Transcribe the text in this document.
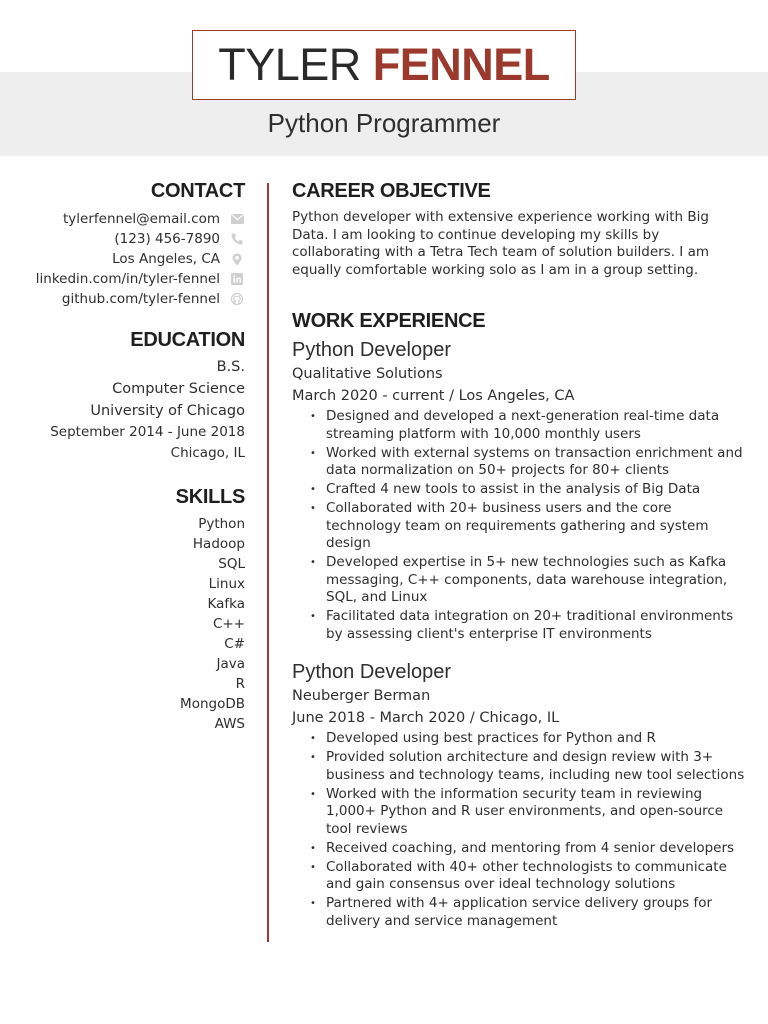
TYLER FENNEL
Python Programmer
CONTACT
tylerfennel@email.com
(123) 456-7890
Los Angeles, CA
linkedin.com/in/tyler-fennel
github.com/tyler-fennel
EDUCATION
B.S.
Computer Science
University of Chicago
September 2014 - June 2018
Chicago, IL
SKILLS
Python
Hadoop
SQL
Linux
Kafka
C++
C#
Java
R
MongoDB
AWS
CAREER OBJECTIVE

Python developer with extensive experience working with Big Data. I am looking to continue developing my skills by collaborating with a Tetra Tech team of solution builders. I am equally comfortable working solo as I am in a group setting.

WORK EXPERIENCE
Python Developer
Qualitative Solutions
March 2020 - current / Los Angeles, CA
• Designed and developed a next-generation real-time data streaming platform with 10,000 monthly users
• Worked with external systems on transaction enrichment and data normalization on 50+ projects for 80+ clients
• Crafted 4 new tools to assist in the analysis of Big Data
• Collaborated with 20+ business users and the core technology team on requirements gathering and system design
• Developed expertise in 5+ new technologies such as Kafka messaging, C++ components, data warehouse integration, SQL, and Linux
• Facilitated data integration on 20+ traditional environments by assessing client's enterprise IT environments
Python Developer
Neuberger Berman
June 2018 - March 2020 / Chicago, IL
• Developed using best practices for Python and R
• Provided solution architecture and design review with 3+ business and technology teams, including new tool selections
• Worked with the information security team in reviewing 1,000+ Python and R user environments, and open-source tool reviews
• Received coaching, and mentoring from 4 senior developers
• Collaborated with 40+ other technologists to communicate and gain consensus over ideal technology solutions
• Partnered with 4+ application service delivery groups for delivery and service management
